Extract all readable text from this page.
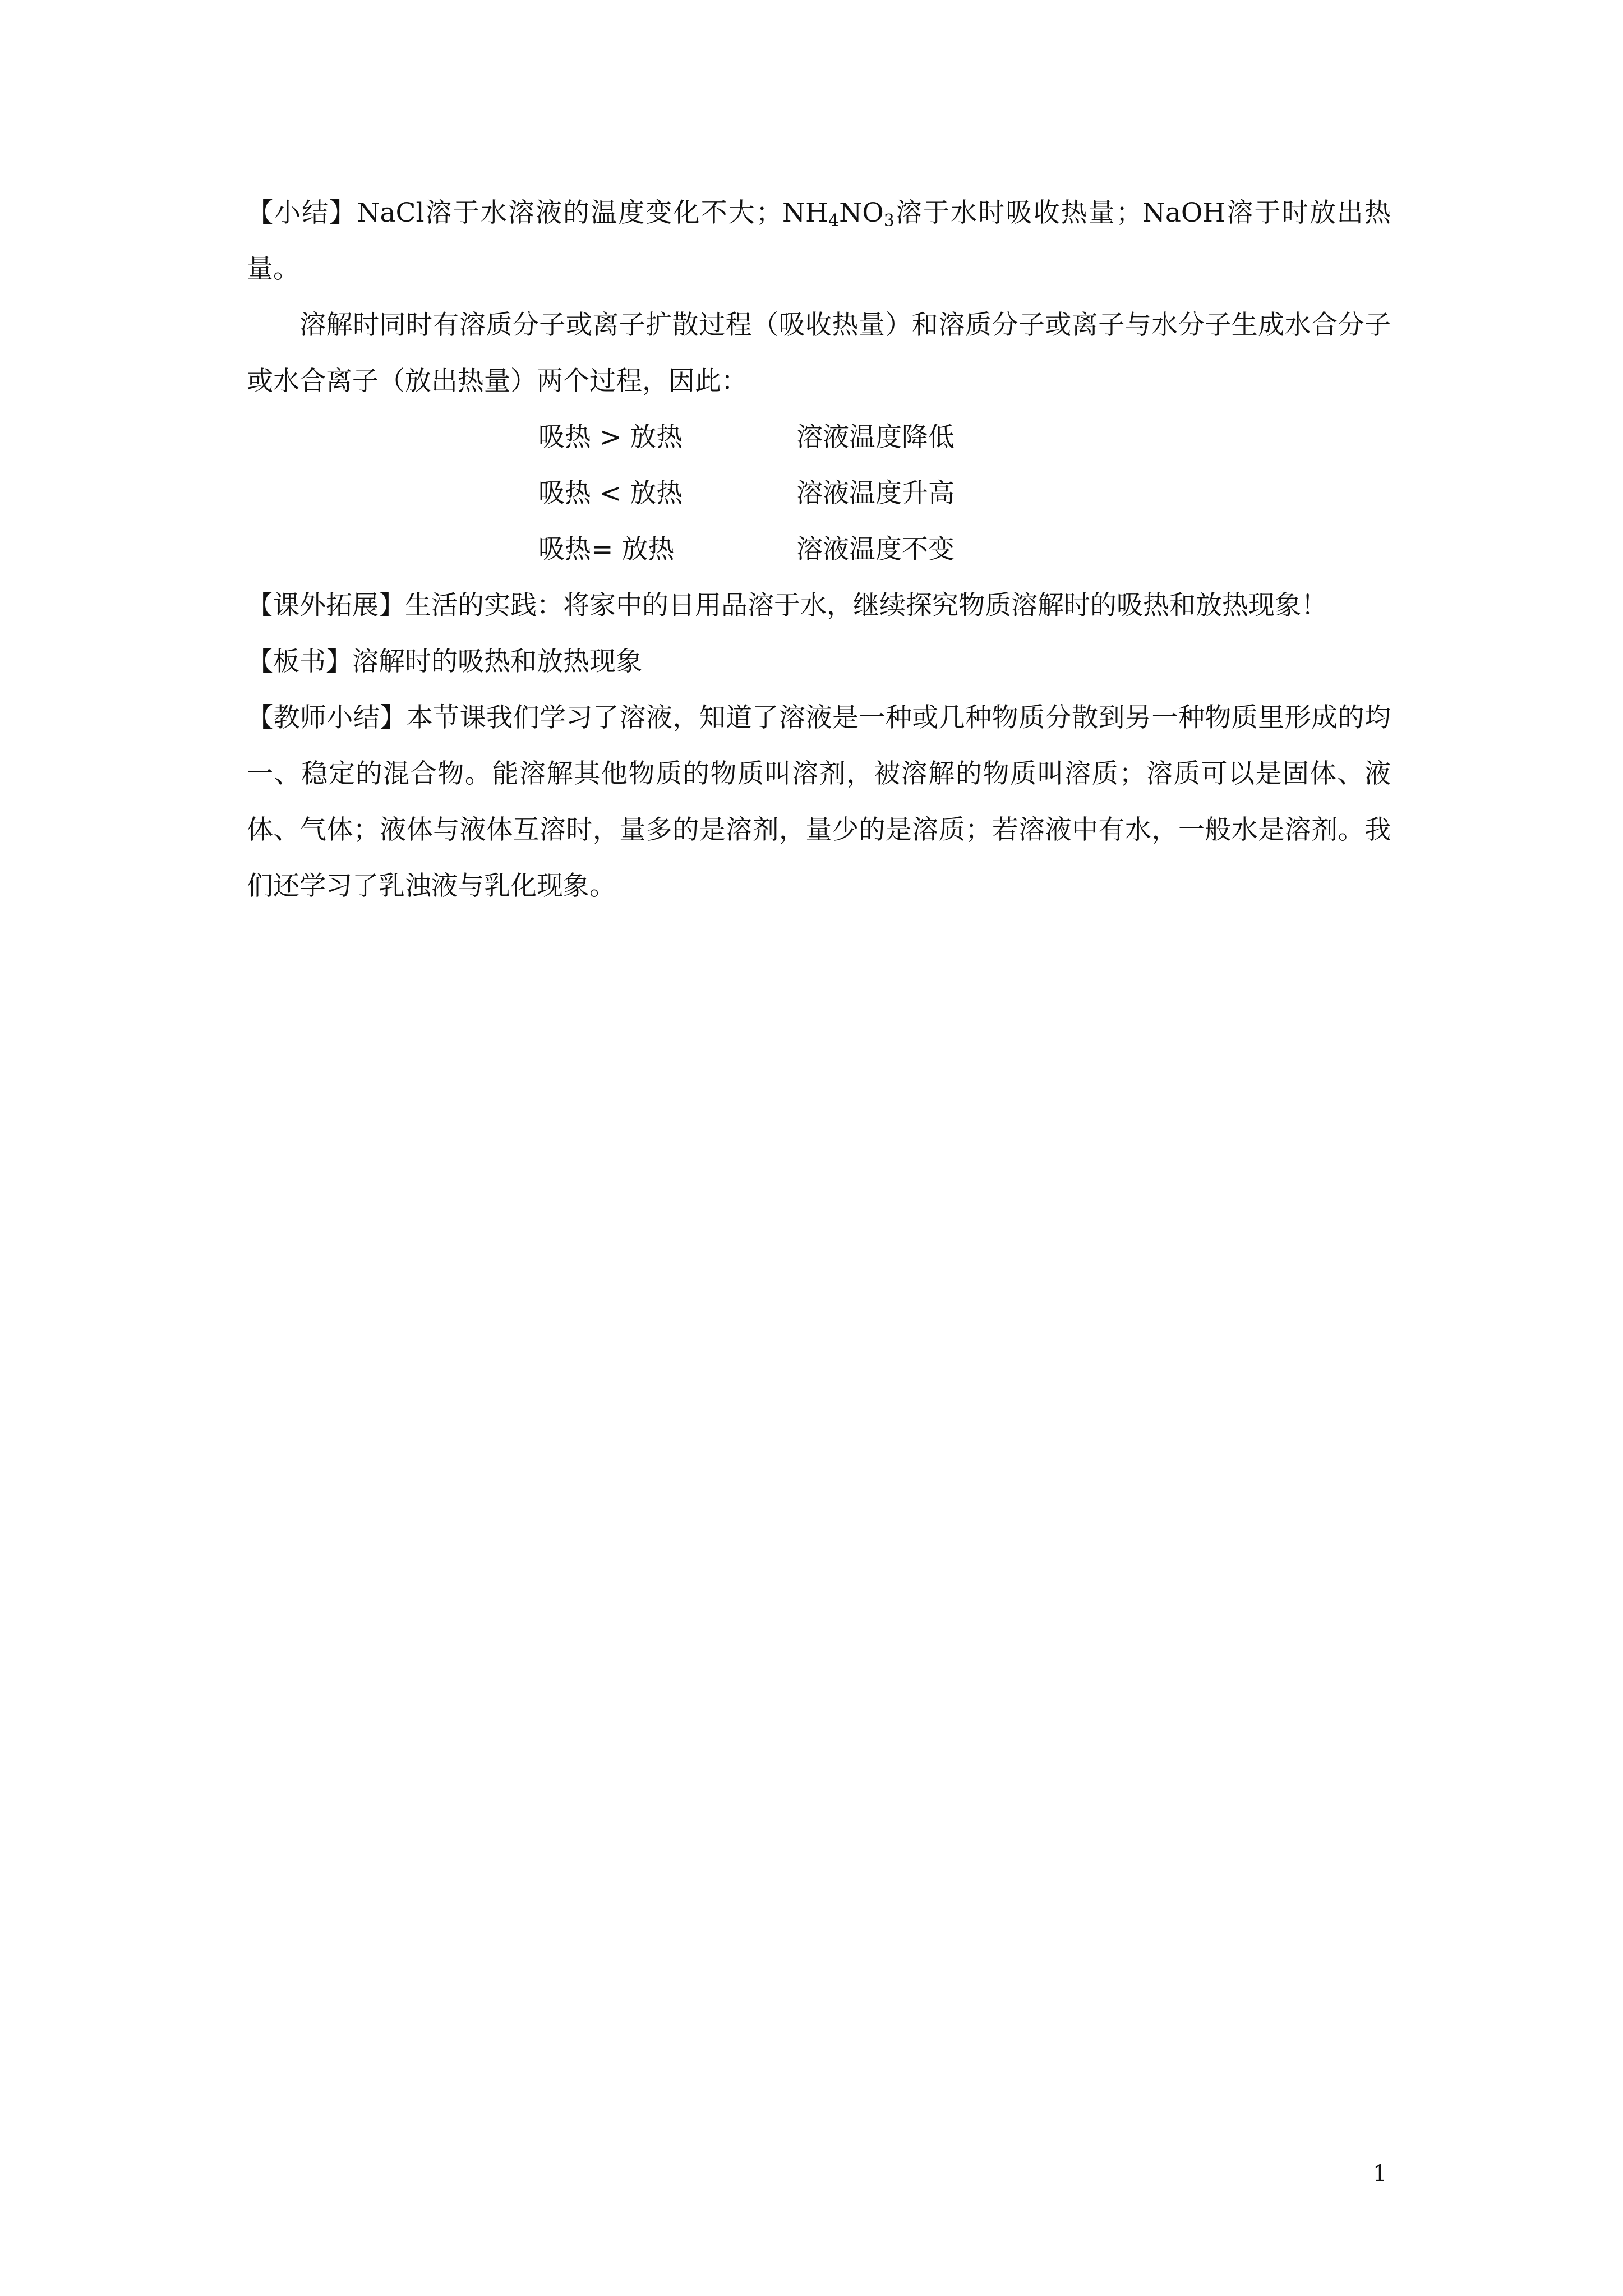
【小结】NaCl溶于水溶液的温度变化不大；$NH_4NO_3$溶于水时吸收热量；NaOH溶于时放出热量。

溶解时同时有溶质分子或离子扩散过程（吸收热量）和溶质分子或离子与水分子生成水合分子或水合离子（放出热量）两个过程，因此：

吸热 > 放热	溶液温度降低
吸热 < 放热	溶液温度升高
吸热= 放热	溶液温度不变

【课外拓展】生活的实践：将家中的日用品溶于水，继续探究物质溶解时的吸热和放热现象！

【板书】溶解时的吸热和放热现象

【教师小结】本节课我们学习了溶液，知道了溶液是一种或几种物质分散到另一种物质里形成的均一、稳定的混合物。能溶解其他物质的物质叫溶剂，被溶解的物质叫溶质；溶质可以是固体、液体、气体；液体与液体互溶时，量多的是溶剂，量少的是溶质；若溶液中有水，一般水是溶剂。我们还学习了乳浊液与乳化现象。

1
